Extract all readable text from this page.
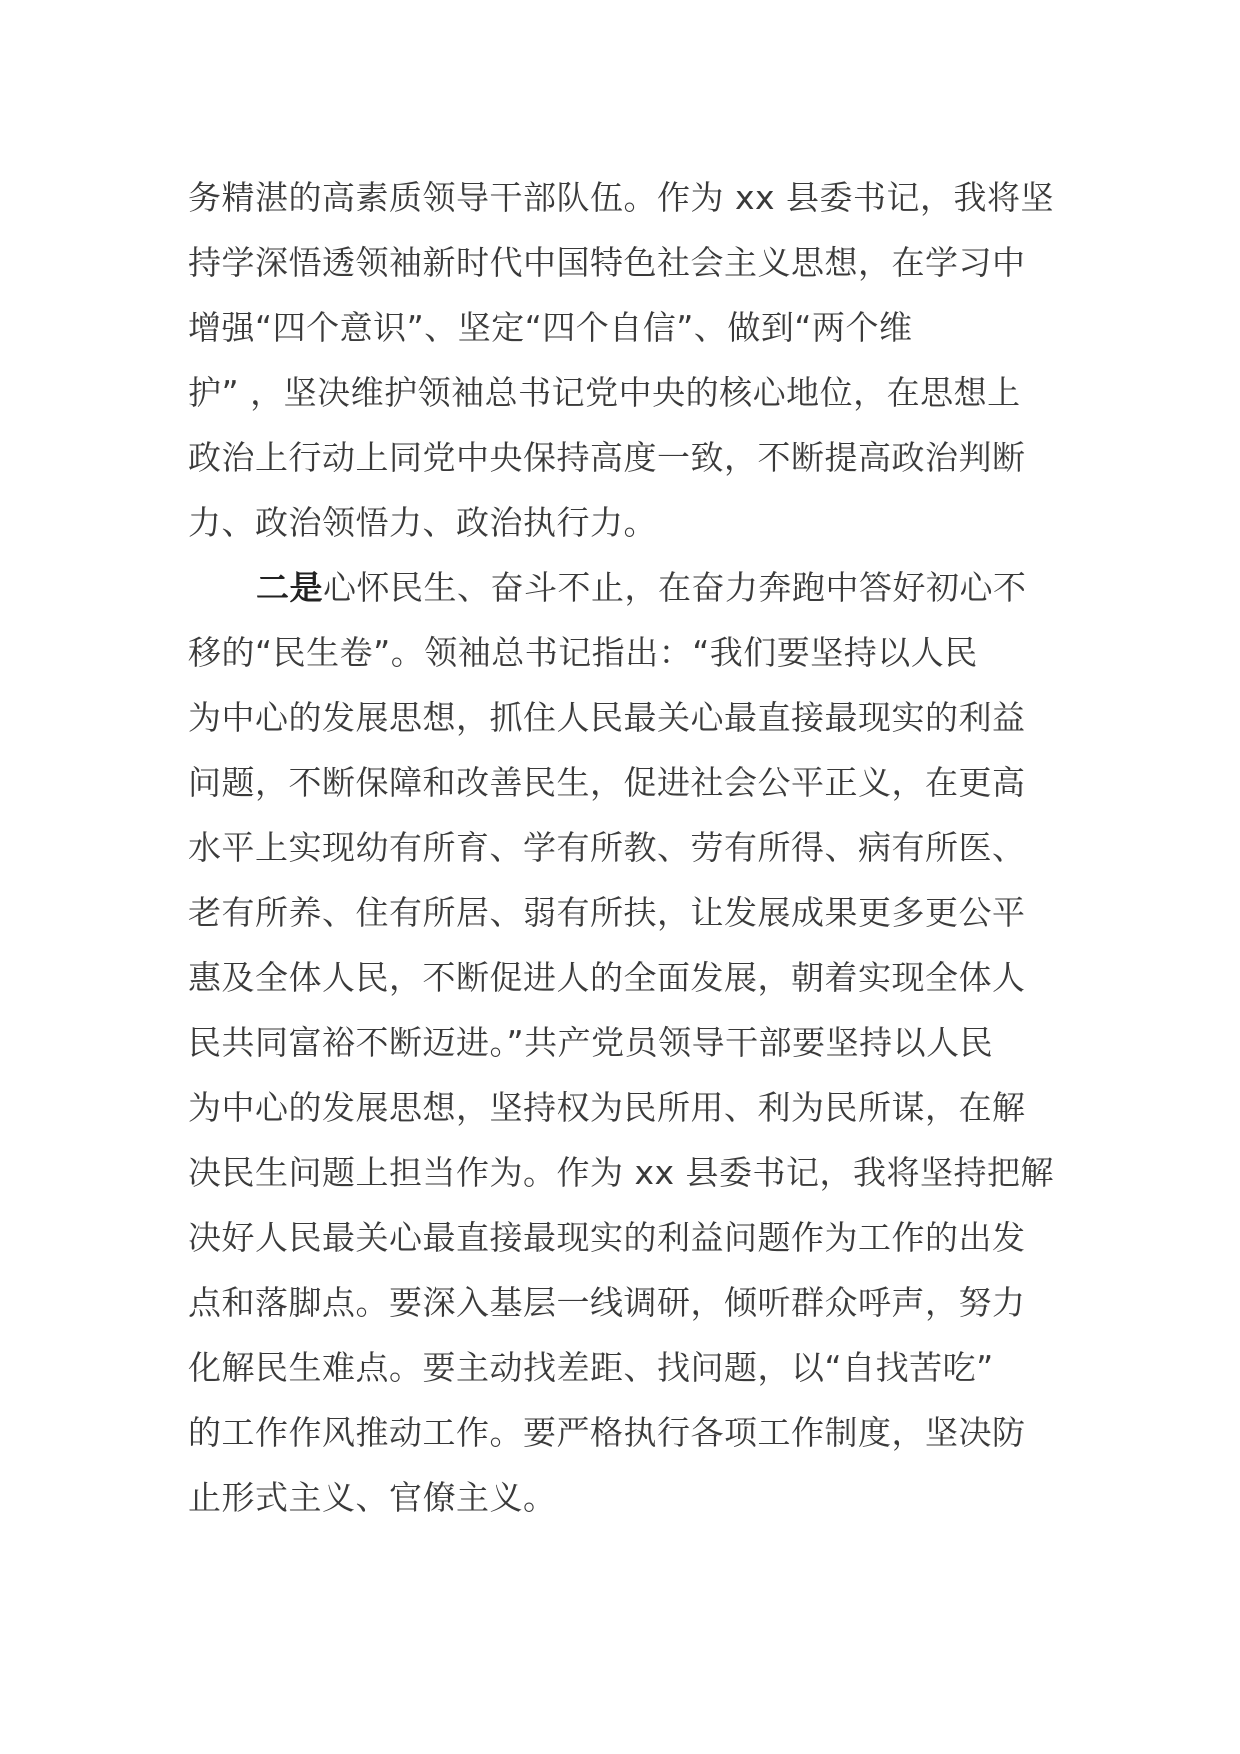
务精湛的高素质领导干部队伍。作为 xx 县委书记，我将坚
持学深悟透领袖新时代中国特色社会主义思想，在学习中
增强“四个意识”、坚定“四个自信”、做到“两个维
护” ，坚决维护领袖总书记党中央的核心地位，在思想上
政治上行动上同党中央保持高度一致，不断提高政治判断
力、政治领悟力、政治执行力。
二是心怀民生、奋斗不止，在奋力奔跑中答好初心不
移的“民生卷”。领袖总书记指出：“我们要坚持以人民
为中心的发展思想，抓住人民最关心最直接最现实的利益
问题，不断保障和改善民生，促进社会公平正义，在更高
水平上实现幼有所育、学有所教、劳有所得、病有所医、
老有所养、住有所居、弱有所扶，让发展成果更多更公平
惠及全体人民，不断促进人的全面发展，朝着实现全体人
民共同富裕不断迈进。”共产党员领导干部要坚持以人民
为中心的发展思想，坚持权为民所用、利为民所谋，在解
决民生问题上担当作为。作为 xx 县委书记，我将坚持把解
决好人民最关心最直接最现实的利益问题作为工作的出发
点和落脚点。要深入基层一线调研，倾听群众呼声，努力
化解民生难点。要主动找差距、找问题，以“自找苦吃”
的工作作风推动工作。要严格执行各项工作制度，坚决防
止形式主义、官僚主义。
